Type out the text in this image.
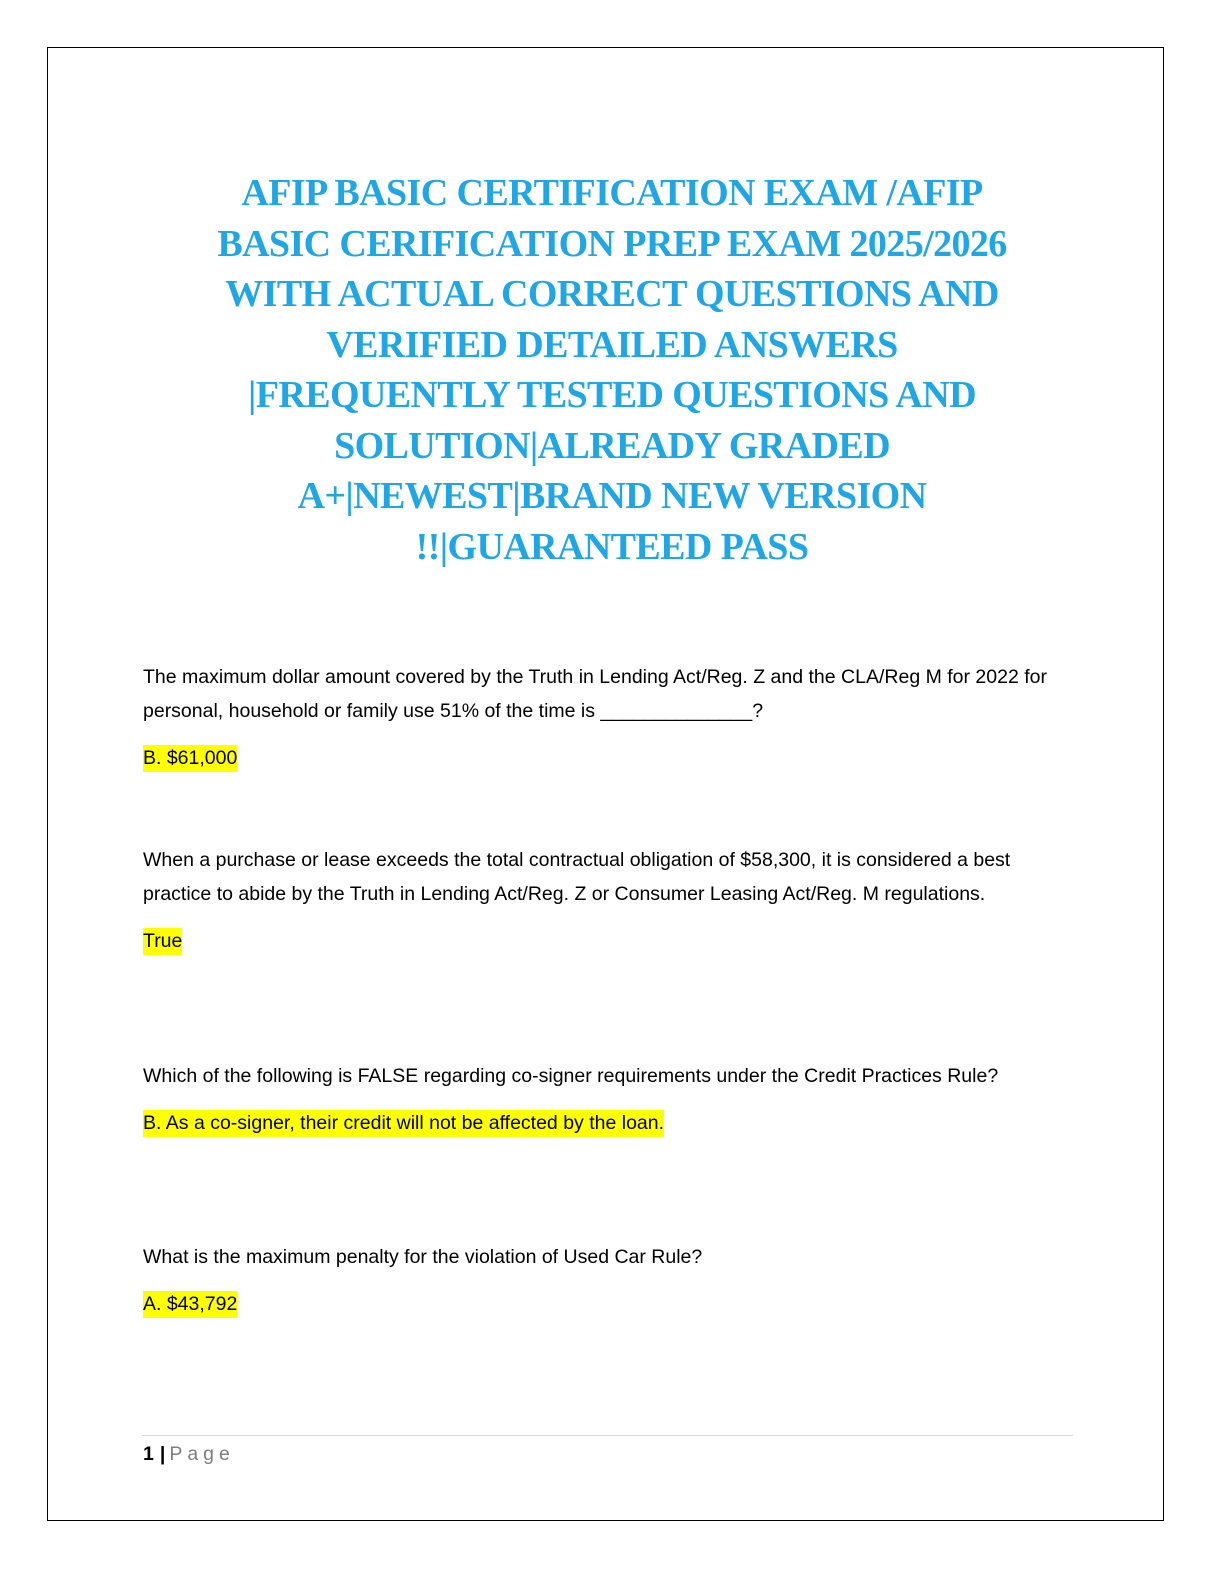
AFIP BASIC CERTIFICATION EXAM /AFIP
BASIC CERIFICATION PREP EXAM 2025/2026
WITH ACTUAL CORRECT QUESTIONS AND
VERIFIED DETAILED ANSWERS
|FREQUENTLY TESTED QUESTIONS AND
SOLUTION|ALREADY GRADED
A+|NEWEST|BRAND NEW VERSION
!!|GUARANTEED PASS

The maximum dollar amount covered by the Truth in Lending Act/Reg. Z and the CLA/Reg M for 2022 for personal, household or family use 51% of the time is ______________?

B. $61,000

When a purchase or lease exceeds the total contractual obligation of $58,300, it is considered a best practice to abide by the Truth in Lending Act/Reg. Z or Consumer Leasing Act/Reg. M regulations.

True

Which of the following is FALSE regarding co-signer requirements under the Credit Practices Rule?

B. As a co-signer, their credit will not be affected by the loan.

What is the maximum penalty for the violation of Used Car Rule?

A. $43,792

1 | Page
